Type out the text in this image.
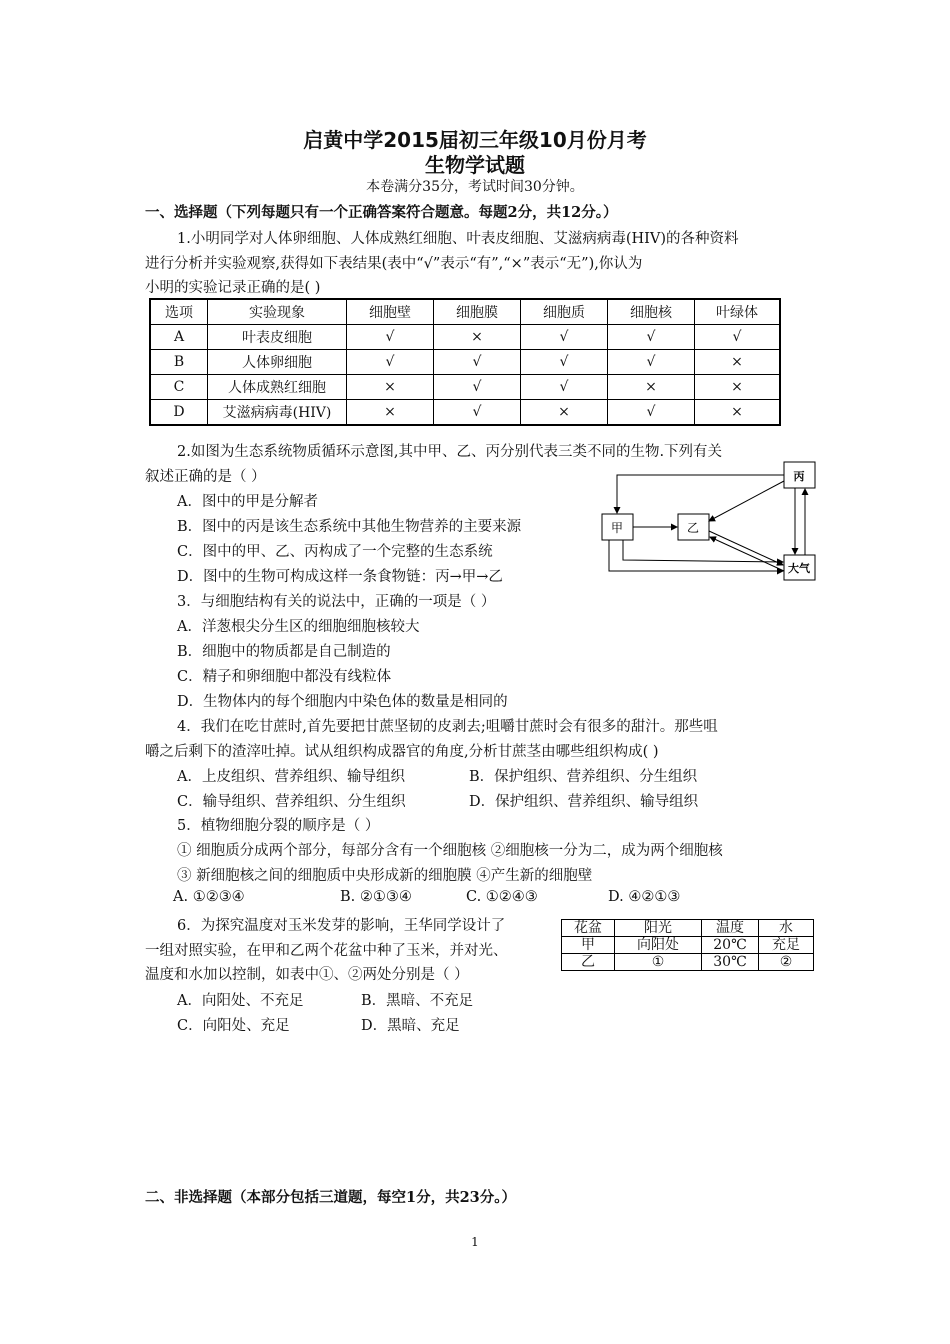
启黄中学2015届初三年级10月份月考
生物学试题
本卷满分35分，考试时间30分钟。
一、选择题（下列每题只有一个正确答案符合题意。每题2分，共12分。）
1.小明同学对人体卵细胞、人体成熟红细胞、叶表皮细胞、艾滋病病毒(HIV)的各种资料
进行分析并实验观察,获得如下表结果(表中“√”表示“有”,“×”表示“无”),你认为
小明的实验记录正确的是( )
选项	实验现象	细胞壁	细胞膜	细胞质	细胞核	叶绿体
A	叶表皮细胞	√	×	√	√	√
B	人体卵细胞	√	√	√	√	×
C	人体成熟红细胞	×	√	√	×	×
D	艾滋病病毒(HIV)	×	√	×	√	×
2.如图为生态系统物质循环示意图,其中甲、乙、丙分别代表三类不同的生物.下列有关
叙述正确的是（ ）
A．图中的甲是分解者
B．图中的丙是该生态系统中其他生物营养的主要来源
C．图中的甲、乙、丙构成了一个完整的生态系统
D．图中的生物可构成这样一条食物链：丙→甲→乙
甲	乙
丙
大气
3．与细胞结构有关的说法中，正确的一项是（ ）
A．洋葱根尖分生区的细胞细胞核较大
B．细胞中的物质都是自己制造的
C．精子和卵细胞中都没有线粒体
D．生物体内的每个细胞内中染色体的数量是相同的
4．我们在吃甘蔗时,首先要把甘蔗坚韧的皮剥去;咀嚼甘蔗时会有很多的甜汁。那些咀
嚼之后剩下的渣滓吐掉。试从组织构成器官的角度,分析甘蔗茎由哪些组织构成( )
A．上皮组织、营养组织、输导组织	B．保护组织、营养组织、分生组织
C．输导组织、营养组织、分生组织	D．保护组织、营养组织、输导组织
5．植物细胞分裂的顺序是（ ）
① 细胞质分成两个部分，每部分含有一个细胞核 ②细胞核一分为二，成为两个细胞核
③ 新细胞核之间的细胞质中央形成新的细胞膜 ④产生新的细胞壁
A. ①②③④	B. ②①③④	C. ①②④③	D. ④②①③
6．为探究温度对玉米发芽的影响，王华同学设计了
一组对照实验，在甲和乙两个花盆中种了玉米，并对光、
温度和水加以控制，如表中①、②两处分别是（ ）
A．向阳处、不充足	B．黑暗、不充足
C．向阳处、充足	D．黑暗、充足
花盆	阳光	温度	水
甲	向阳处	20℃	充足
乙	①	30℃	②
二、非选择题（本部分包括三道题，每空1分，共23分。）
1
